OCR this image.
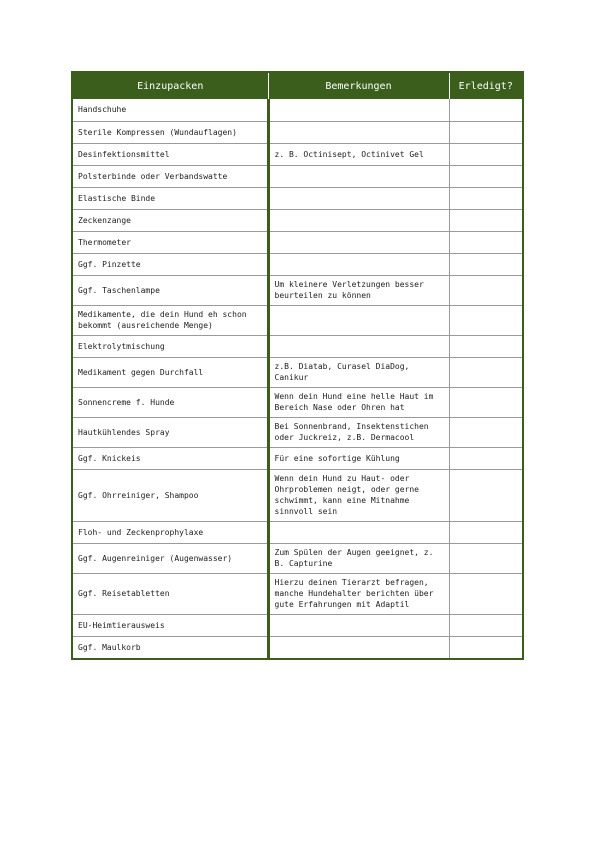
Einzupacken	Bemerkungen	Erledigt?
Handschuhe		
Sterile Kompressen (Wundauflagen)		
Desinfektionsmittel	z. B. Octinisept, Octinivet Gel	
Polsterbinde oder Verbandswatte		
Elastische Binde		
Zeckenzange		
Thermometer		
Ggf. Pinzette		
Ggf. Taschenlampe	Um kleinere Verletzungen besser beurteilen zu können	
Medikamente, die dein Hund eh schon bekommt (ausreichende Menge)		
Elektrolytmischung		
Medikament gegen Durchfall	z.B. Diatab, Curasel DiaDog, Canikur	
Sonnencreme f. Hunde	Wenn dein Hund eine helle Haut im Bereich Nase oder Ohren hat	
Hautkühlendes Spray	Bei Sonnenbrand, Insektenstichen oder Juckreiz, z.B. Dermacool	
Ggf. Knickeis	Für eine sofortige Kühlung	
Ggf. Ohrreiniger, Shampoo	Wenn dein Hund zu Haut- oder Ohrproblemen neigt, oder gerne schwimmt, kann eine Mitnahme sinnvoll sein	
Floh- und Zeckenprophylaxe		
Ggf. Augenreiniger (Augenwasser)	Zum Spülen der Augen geeignet, z. B. Capturine	
Ggf. Reisetabletten	Hierzu deinen Tierarzt befragen, manche Hundehalter berichten über gute Erfahrungen mit Adaptil	
EU-Heimtierausweis		
Ggf. Maulkorb		
